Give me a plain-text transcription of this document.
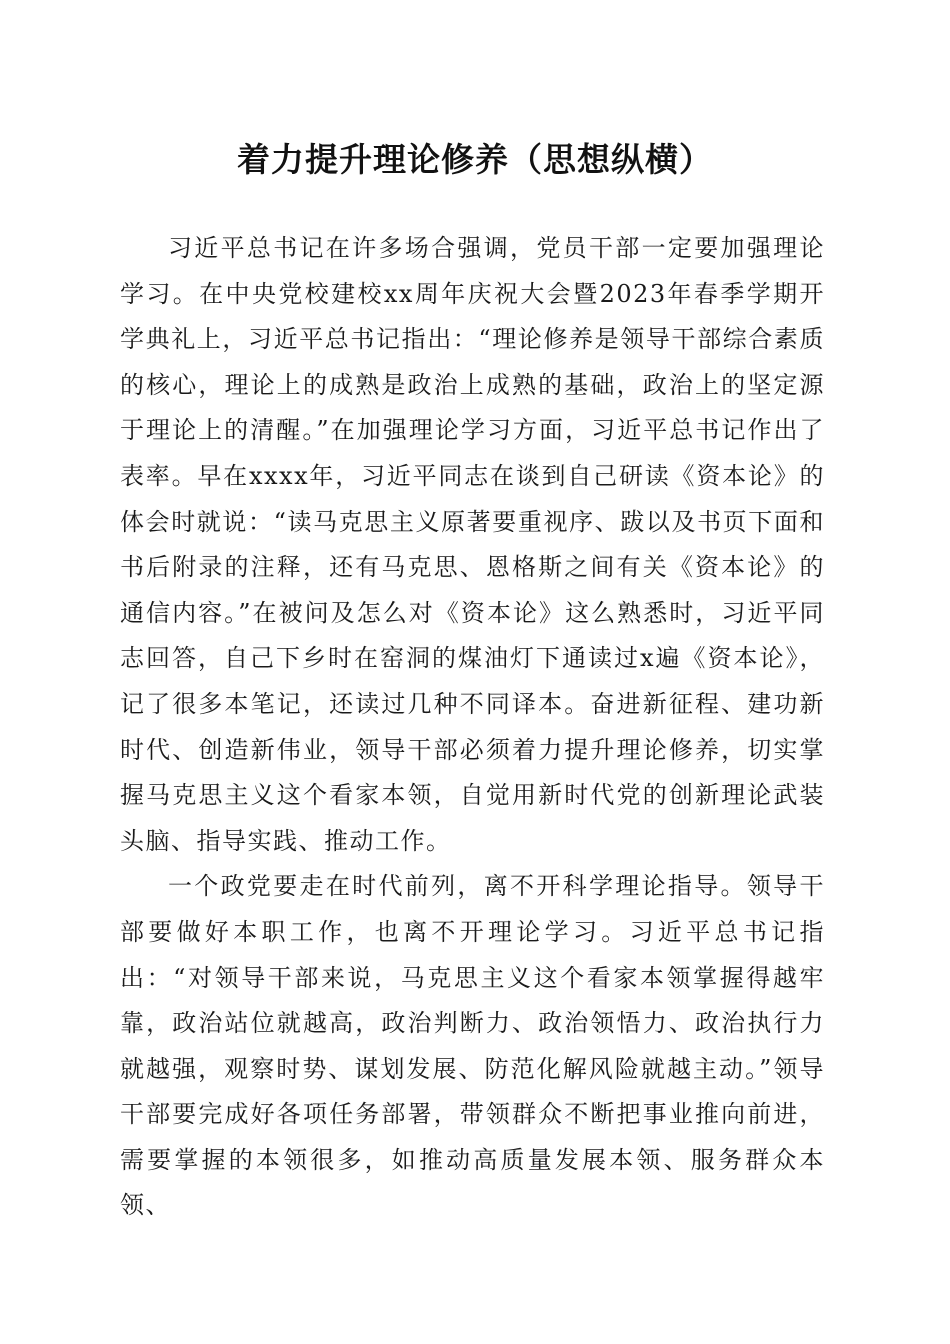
着力提升理论修养（思想纵横）

习近平总书记在许多场合强调，党员干部一定要加强理论学习。在中央党校建校xx周年庆祝大会暨2023年春季学期开学典礼上，习近平总书记指出：“理论修养是领导干部综合素质的核心，理论上的成熟是政治上成熟的基础，政治上的坚定源于理论上的清醒。”在加强理论学习方面，习近平总书记作出了表率。早在xxxx年，习近平同志在谈到自己研读《资本论》的体会时就说：“读马克思主义原著要重视序、跋以及书页下面和书后附录的注释，还有马克思、恩格斯之间有关《资本论》的通信内容。”在被问及怎么对《资本论》这么熟悉时，习近平同志回答，自己下乡时在窑洞的煤油灯下通读过x遍《资本论》，记了很多本笔记，还读过几种不同译本。奋进新征程、建功新时代、创造新伟业，领导干部必须着力提升理论修养，切实掌握马克思主义这个看家本领，自觉用新时代党的创新理论武装头脑、指导实践、推动工作。

一个政党要走在时代前列，离不开科学理论指导。领导干部要做好本职工作，也离不开理论学习。习近平总书记指出：“对领导干部来说，马克思主义这个看家本领掌握得越牢靠，政治站位就越高，政治判断力、政治领悟力、政治执行力就越强，观察时势、谋划发展、防范化解风险就越主动。”领导干部要完成好各项任务部署，带领群众不断把事业推向前进，需要掌握的本领很多，如推动高质量发展本领、服务群众本领、
